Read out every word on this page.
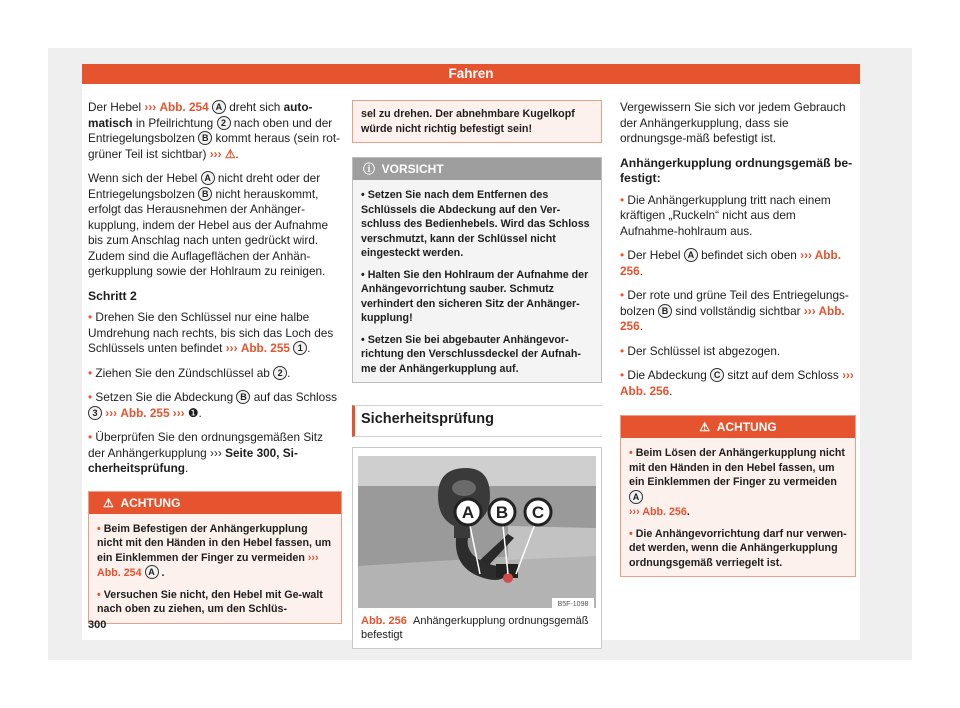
Fahren

Der Hebel ››› Abb. 254 A dreht sich auto-matisch in Pfeilrichtung 2 nach oben und der Entriegelungsbolzen B kommt heraus (sein rot-grüner Teil ist sichtbar) ››› ⚠.

Wenn sich der Hebel A nicht dreht oder der Entriegelungsbolzen B nicht herauskommt, erfolgt das Herausnehmen der Anhänger-kupplung, indem der Hebel aus der Aufnahme bis zum Anschlag nach unten gedrückt wird. Zudem sind die Auflageflächen der Anhän-gerkupplung sowie der Hohlraum zu reinigen.

Schritt 2

• Drehen Sie den Schlüssel nur eine halbe Umdrehung nach rechts, bis sich das Loch des Schlüssels unten befindet ››› Abb. 255 1 .

• Ziehen Sie den Zündschlüssel ab 2 .

• Setzen Sie die Abdeckung B auf das Schloss 3 ››› Abb. 255 ››› ❶.

• Überprüfen Sie den ordnungsgemäßen Sitz der Anhängerkupplung ››› Seite 300, Si-cherheitsprüfung.

⚠  ACHTUNG

• Beim Befestigen der Anhängerkupplung nicht mit den Händen in den Hebel fassen, um ein Einklemmen der Finger zu vermeiden ››› Abb. 254 A .

• Versuchen Sie nicht, den Hebel mit Ge-walt nach oben zu ziehen, um den Schlüs-

sel zu drehen. Der abnehmbare Kugelkopf würde nicht richtig befestigt sein!
ⓘ  VORSICHT

• Setzen Sie nach dem Entfernen des Schlüssels die Abdeckung auf den Ver-schluss des Bedienhebels. Wird das Schloss verschmutzt, kann der Schlüssel nicht eingesteckt werden.

• Halten Sie den Hohlraum der Aufnahme der Anhängevorrichtung sauber. Schmutz verhindert den sicheren Sitz der Anhänger-kupplung!

• Setzen Sie bei abgebauter Anhängevor-richtung den Verschlussdeckel der Aufnah-me der Anhängerkupplung auf.

Sicherheitsprüfung
A B C
B5F-1098
Abb. 256 Anhängerkupplung ordnungsgemäß befestigt

Vergewissern Sie sich vor jedem Gebrauch der Anhängerkupplung, dass sie ordnungsge-mäß befestigt ist.

Anhängerkupplung ordnungsgemäß be-festigt:

• Die Anhängerkupplung tritt nach einem kräftigen „Ruckeln“ nicht aus dem Aufnahme-hohlraum aus.

• Der Hebel A befindet sich oben ››› Abb. 256.

• Der rote und grüne Teil des Entriegelungs-bolzen B sind vollständig sichtbar ››› Abb. 256.

• Der Schlüssel ist abgezogen.

• Die Abdeckung C sitzt auf dem Schloss ››› Abb. 256.

⚠  ACHTUNG

• Beim Lösen der Anhängerkupplung nicht mit den Händen in den Hebel fassen, um ein Einklemmen der Finger zu vermeiden A
››› Abb. 256.

• Die Anhängevorrichtung darf nur verwen-det werden, wenn die Anhängerkupplung ordnungsgemäß verriegelt ist.

300
